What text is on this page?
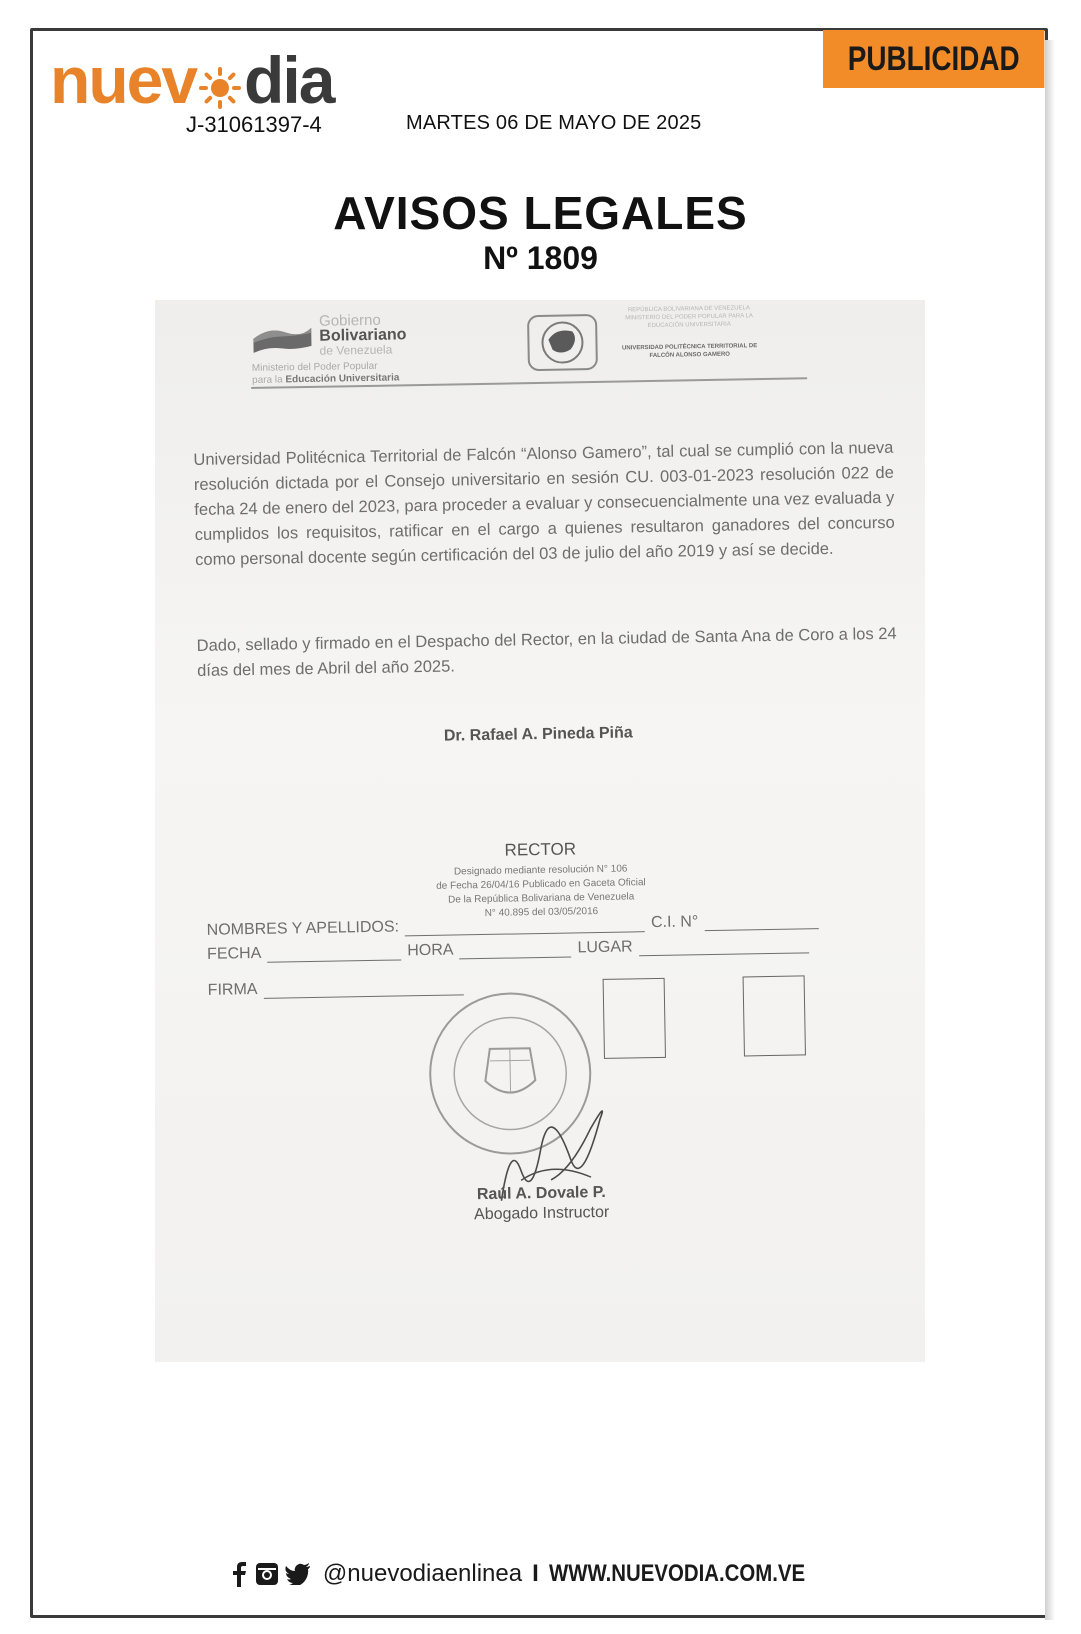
PUBLICIDAD
nuev dia
J-31061397-4	MARTES 06 DE MAYO DE 2025
AVISOS LEGALES
Nº 1809
Gobierno
Bolivariano
de Venezuela
Ministerio del Poder Popular
para la Educación Universitaria
REPÚBLICA BOLIVARIANA DE VENEZUELA MINISTERIO DEL PODER POPULAR PARA LA EDUCACIÓN UNIVERSITARIA
UNIVERSIDAD POLITÉCNICA TERRITORIAL DE FALCÓN ALONSO GAMERO
Universidad Politécnica Territorial de Falcón “Alonso Gamero”, tal cual se cumplió con la nueva resolución dictada por el Consejo universitario en sesión CU. 003-01-2023 resolución 022 de fecha 24 de enero del 2023, para proceder a evaluar y consecuencialmente una vez evaluada y cumplidos los requisitos, ratificar en el cargo a quienes resultaron ganadores del concurso como personal docente según certificación del 03 de julio del año 2019 y así se decide.
Dado, sellado y firmado en el Despacho del Rector, en la ciudad de Santa Ana de Coro a los 24 días del mes de Abril del año 2025.
Dr. Rafael A. Pineda Piña
RECTOR
Designado mediante resolución N° 106
de Fecha 26/04/16 Publicado en Gaceta Oficial
De la República Bolivariana de Venezuela
N° 40.895 del 03/05/2016
NOMBRES Y APELLIDOS:	C.I. N°
FECHA	HORA	LUGAR
FIRMA
Raúl A. Dovale P.
Abogado Instructor
@nuevodiaenlinea I WWW.NUEVODIA.COM.VE
